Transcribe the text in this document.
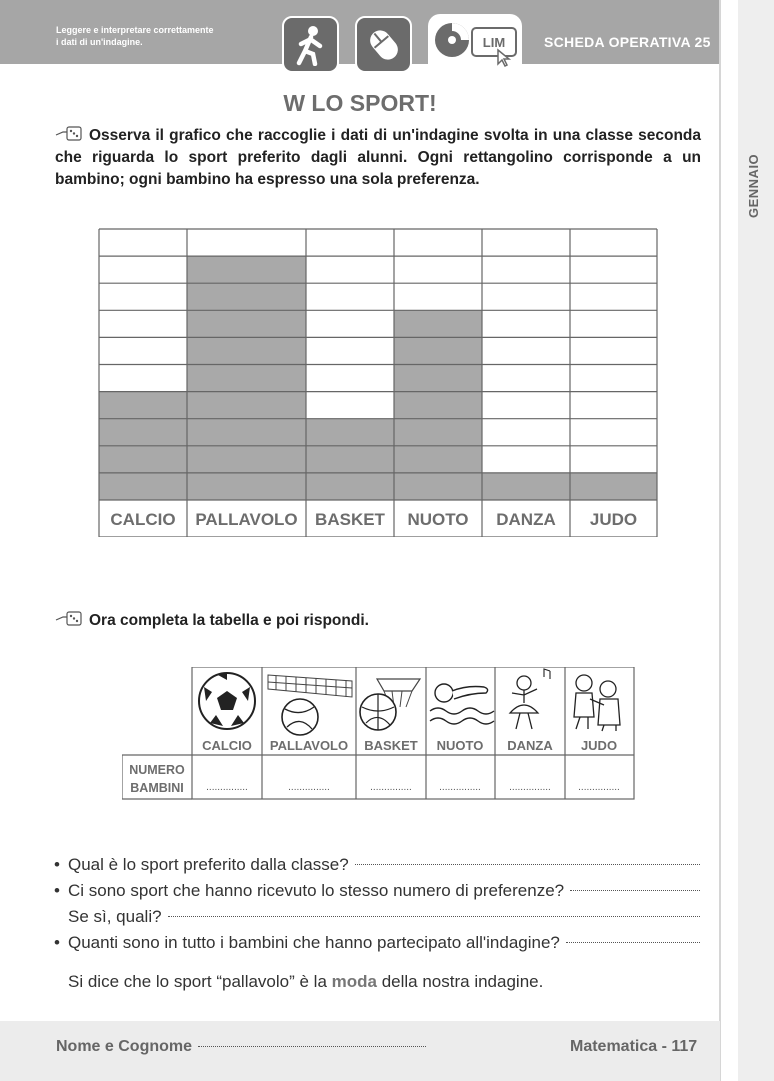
Leggere e interpretare correttamente
i dati di un'indagine.	LIM	SCHEDA OPERATIVA 25
GENNAIO
W LO SPORT!
Osserva il grafico che raccoglie i dati di un'indagine svolta in una classe seconda che riguarda lo sport preferito dagli alunni. Ogni rettangolino corrisponde a un bambino; ogni bambino ha espresso una sola preferenza.
CALCIO PALLAVOLO BASKET NUOTO DANZA JUDO
Ora completa la tabella e poi rispondi.
CALCIO PALLAVOLO BASKET NUOTO DANZA JUDO
NUMERO
BAMBINI ...............	...............	...............	...............	...............	...............
• Qual è lo sport preferito dalla classe?
• Ci sono sport che hanno ricevuto lo stesso numero di preferenze?
Se sì, quali?
• Quanti sono in tutto i bambini che hanno partecipato all'indagine?
Si dice che lo sport “pallavolo” è la moda della nostra indagine.
Nome e Cognome	Matematica - 117
